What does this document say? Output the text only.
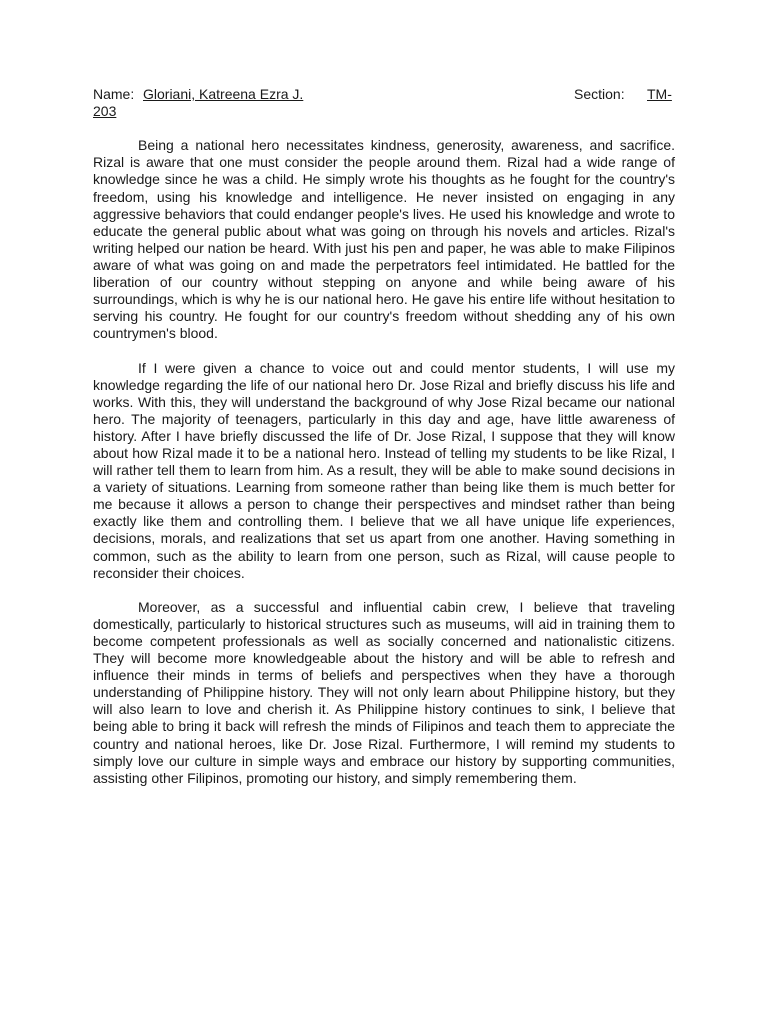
Name: Gloriani, Katreena Ezra J.	Section: TM-
203

Being a national hero necessitates kindness, generosity, awareness, and sacrifice. Rizal is aware that one must consider the people around them. Rizal had a wide range of knowledge since he was a child. He simply wrote his thoughts as he fought for the country's freedom, using his knowledge and intelligence. He never insisted on engaging in any aggressive behaviors that could endanger people's lives. He used his knowledge and wrote to educate the general public about what was going on through his novels and articles. Rizal's writing helped our nation be heard. With just his pen and paper, he was able to make Filipinos aware of what was going on and made the perpetrators feel intimidated. He battled for the liberation of our country without stepping on anyone and while being aware of his surroundings, which is why he is our national hero. He gave his entire life without hesitation to serving his country. He fought for our country's freedom without shedding any of his own countrymen's blood.

If I were given a chance to voice out and could mentor students, I will use my knowledge regarding the life of our national hero Dr. Jose Rizal and briefly discuss his life and works. With this, they will understand the background of why Jose Rizal became our national hero. The majority of teenagers, particularly in this day and age, have little awareness of history. After I have briefly discussed the life of Dr. Jose Rizal, I suppose that they will know about how Rizal made it to be a national hero. Instead of telling my students to be like Rizal, I will rather tell them to learn from him. As a result, they will be able to make sound decisions in a variety of situations. Learning from someone rather than being like them is much better for me because it allows a person to change their perspectives and mindset rather than being exactly like them and controlling them. I believe that we all have unique life experiences, decisions, morals, and realizations that set us apart from one another. Having something in common, such as the ability to learn from one person, such as Rizal, will cause people to reconsider their choices.

Moreover, as a successful and influential cabin crew, I believe that traveling domestically, particularly to historical structures such as museums, will aid in training them to become competent professionals as well as socially concerned and nationalistic citizens. They will become more knowledgeable about the history and will be able to refresh and influence their minds in terms of beliefs and perspectives when they have a thorough understanding of Philippine history. They will not only learn about Philippine history, but they will also learn to love and cherish it. As Philippine history continues to sink, I believe that being able to bring it back will refresh the minds of Filipinos and teach them to appreciate the country and national heroes, like Dr. Jose Rizal. Furthermore, I will remind my students to simply love our culture in simple ways and embrace our history by supporting communities, assisting other Filipinos, promoting our history, and simply remembering them.
